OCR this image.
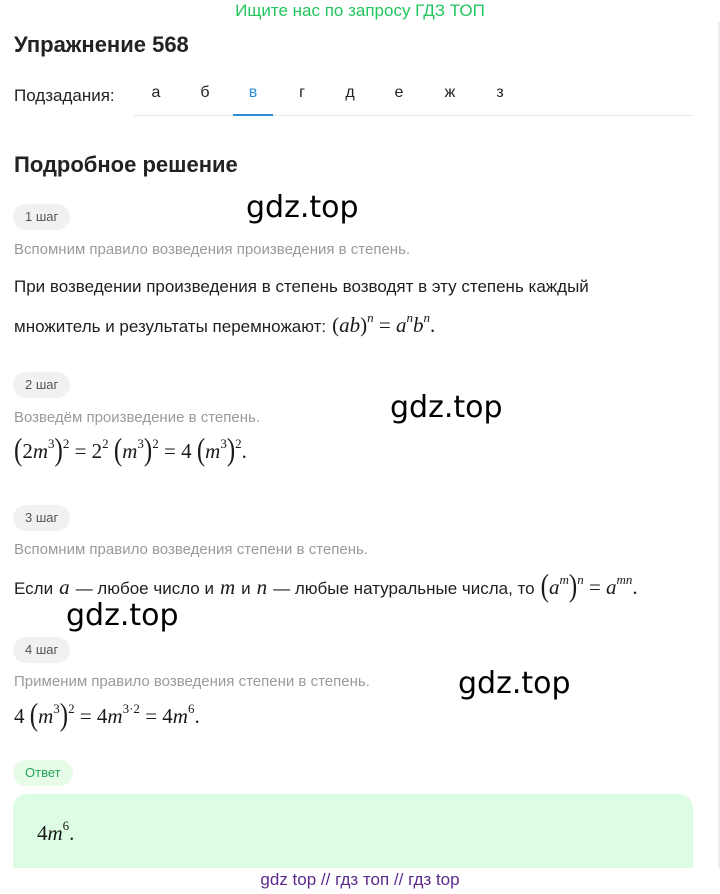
Ищите нас по запросу ГДЗ ТОП
Упражнение 568
Подзадания:	а	б	в	г	д	е	ж	з
Подробное решение
gdz.top
gdz.top
gdz.top
gdz.top
1 шаг
Вспомним правило возведения произведения в степень.
При возведении произведения в степень возводят в эту степень каждый
множитель и результаты перемножают: $(ab)^n = a^nb^n$.
2 шаг
Возведём произведение в степень.
$(2m^3)^2 = 2^2$ $(m^3)^2 = 4$ $(m^3)^2$.
3 шаг
Вспомним правило возведения степени в степень.
Если a — любое число и m и n — любые натуральные числа, то $(a^m)^n = a^{mn}$.
4 шаг
Применим правило возведения степени в степень.
4 $(m^3)^2 = 4m^{3\cdot 2} = 4m^6$.
Ответ
$4m^6$.
gdz top // гдз топ // гдз top
